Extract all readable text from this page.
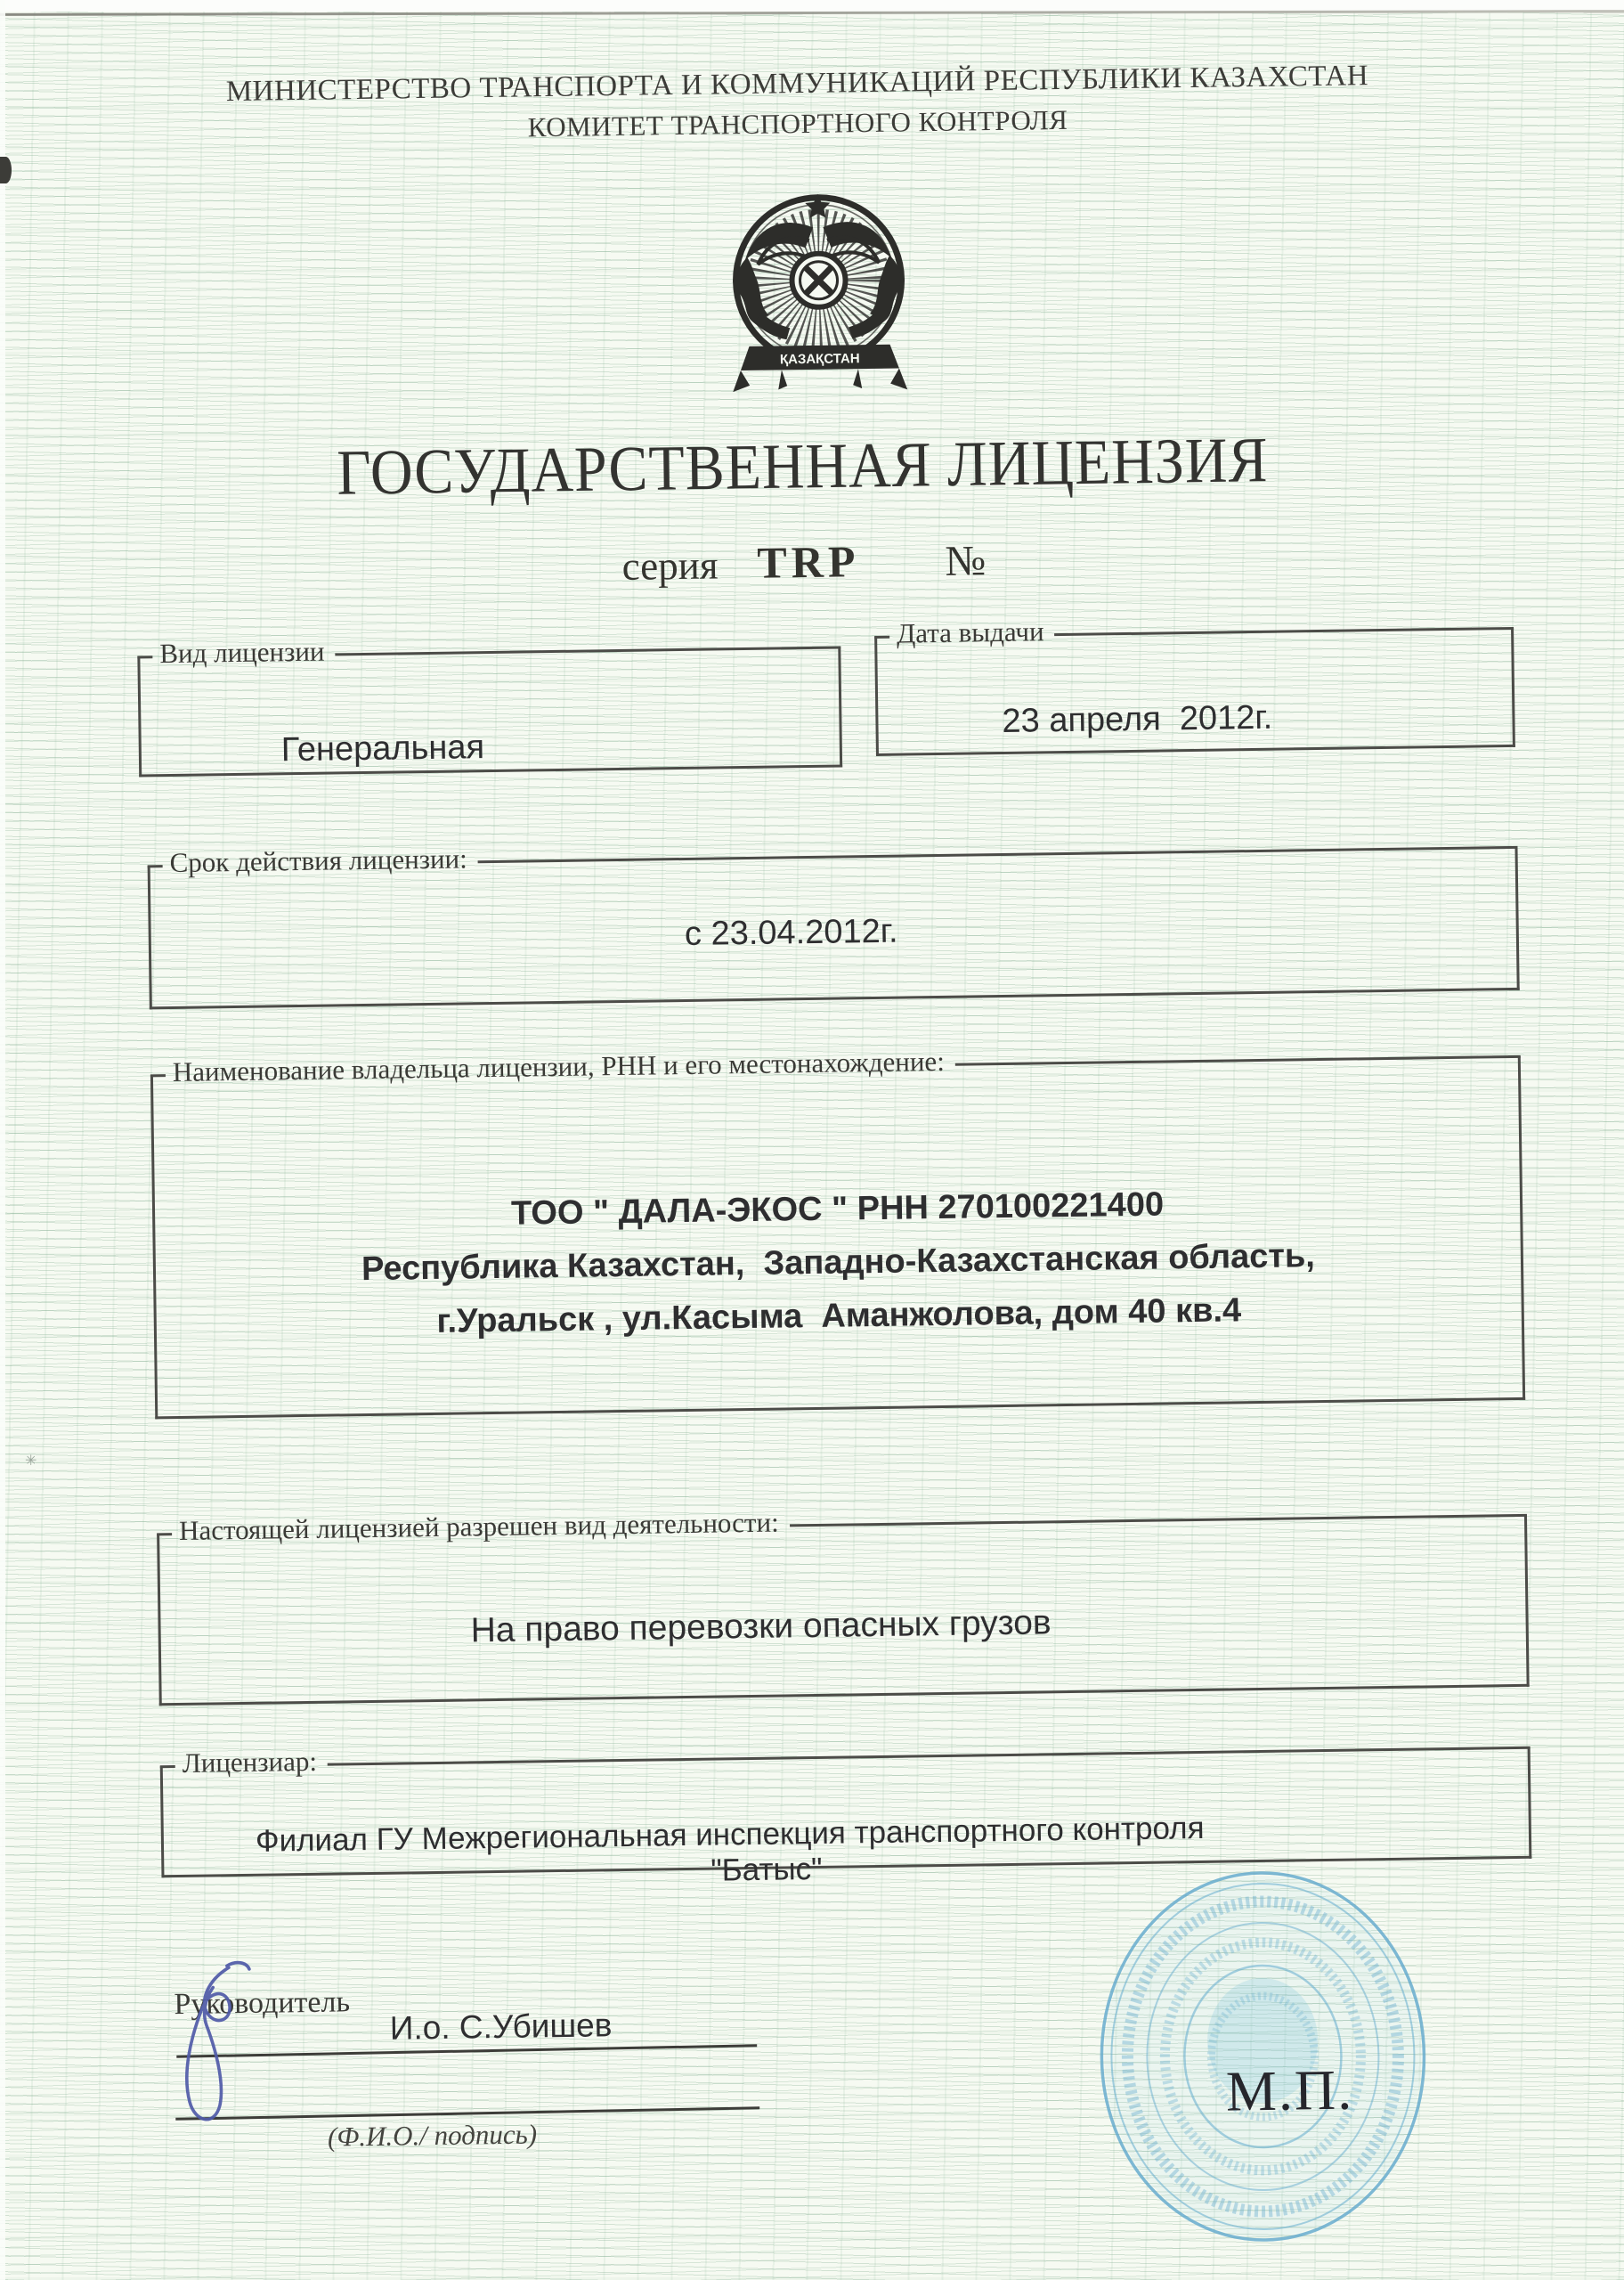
✳
МИНИСТЕРСТВО ТРАНСПОРТА И КОММУНИКАЦИЙ РЕСПУБЛИКИ КАЗАХСТАН
КОМИТЕТ ТРАНСПОРТНОГО КОНТРОЛЯ
ҚАЗАҚСТАН
ГОСУДАРСТВЕННАЯ ЛИЦЕНЗИЯ
серия TRP №
Вид лицензии
Генеральная
Дата выдачи
23 апреля  2012г.
Срок действия лицензии:
с 23.04.2012г.
Наименование владельца лицензии, РНН и его местонахождение:
ТОО " ДАЛА-ЭКОС " РНН 270100221400
Республика Казахстан,  Западно-Казахстанская область,
г.Уральск , ул.Касыма  Аманжолова, дом 40 кв.4
Настоящей лицензией разрешен вид деятельности:
На право перевозки опасных грузов
Лицензиар:
Филиал ГУ Межрегиональная инспекция транспортного контроля
"Батыс"
Руководитель
И.о. С.Убишев
(Ф.И.О./ подпись)
М.П.
